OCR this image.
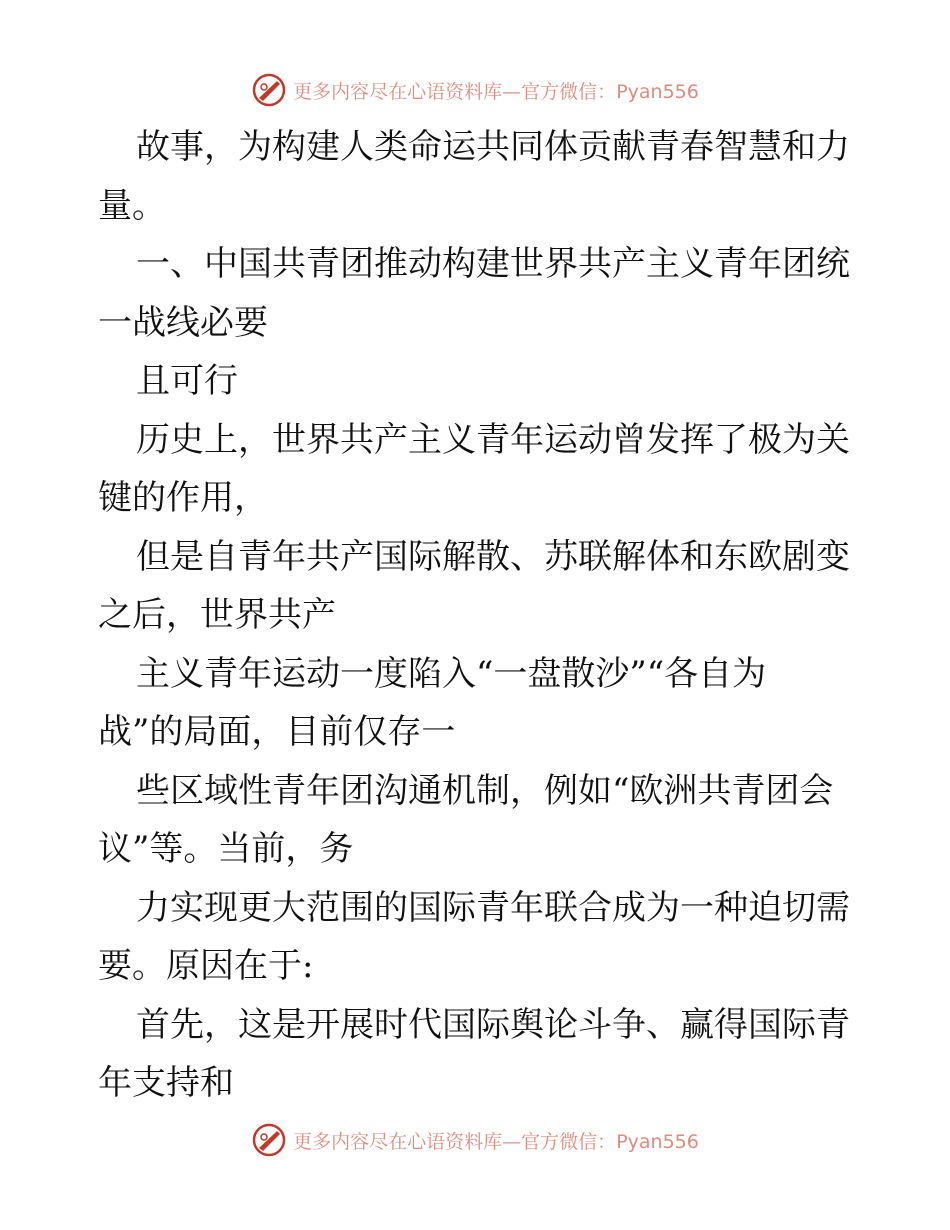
更多内容尽在心语资料库—官方微信：Pyan556
故事，为构建人类命运共同体贡献青春智慧和力
量。
一、中国共青团推动构建世界共产主义青年团统
一战线必要
且可行
历史上，世界共产主义青年运动曾发挥了极为关
键的作用，
但是自青年共产国际解散、苏联解体和东欧剧变
之后，世界共产
主义青年运动一度陷入“一盘散沙”“各自为
战”的局面，目前仅存一
些区域性青年团沟通机制，例如“欧洲共青团会
议”等。当前，务
力实现更大范围的国际青年联合成为一种迫切需
要。原因在于:
首先，这是开展时代国际舆论斗争、赢得国际青
年支持和
更多内容尽在心语资料库—官方微信：Pyan556
